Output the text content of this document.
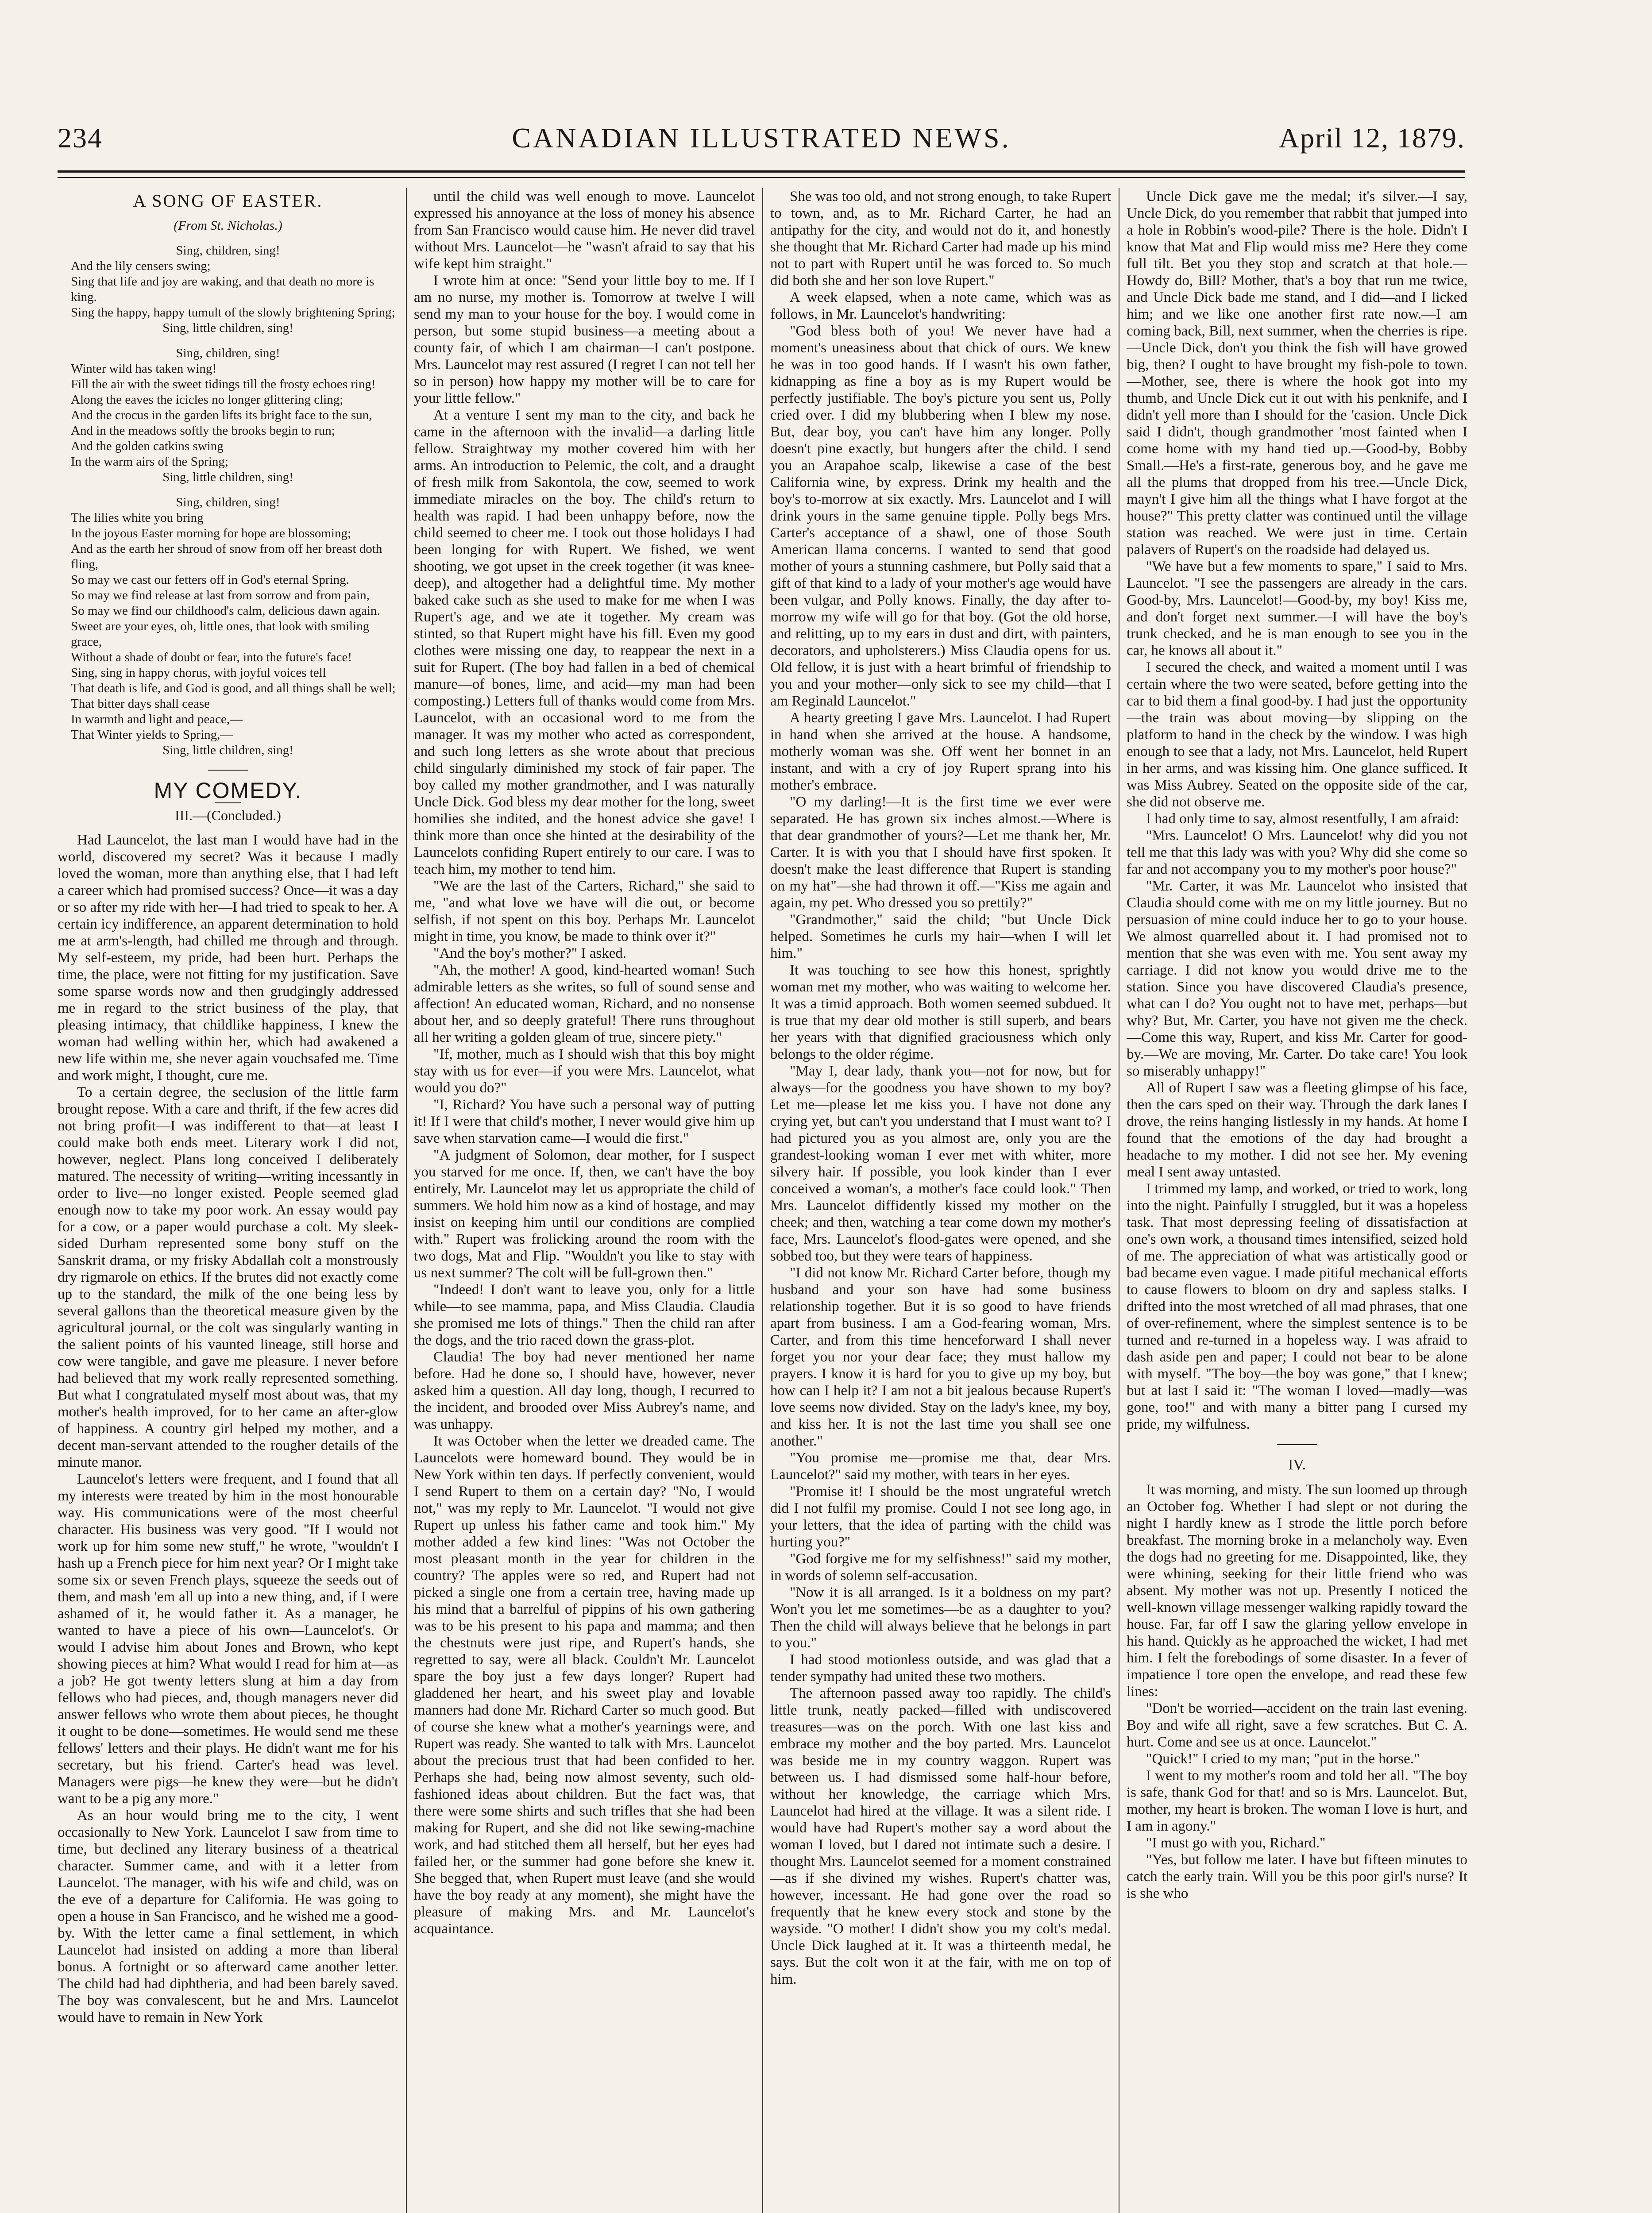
234	CANADIAN ILLUSTRATED NEWS.	April 12, 1879.
A SONG OF EASTER.
(From St. Nicholas.)

Sing, children, sing!

And the lily censers swing;

Sing that life and joy are waking, and that death no more is king.

Sing the happy, happy tumult of the slowly brightening Spring;

Sing, little children, sing!

Sing, children, sing!

Winter wild has taken wing!

Fill the air with the sweet tidings till the frosty echoes ring!

Along the eaves the icicles no longer glittering cling;

And the crocus in the garden lifts its bright face to the sun,

And in the meadows softly the brooks begin to run;

And the golden catkins swing

In the warm airs of the Spring;

Sing, little children, sing!

Sing, children, sing!

The lilies white you bring

In the joyous Easter morning for hope are blossoming;

And as the earth her shroud of snow from off her breast doth fling,

So may we cast our fetters off in God's eternal Spring.

So may we find release at last from sorrow and from pain,

So may we find our childhood's calm, delicious dawn again.

Sweet are your eyes, oh, little ones, that look with smiling grace,

Without a shade of doubt or fear, into the future's face!

Sing, sing in happy chorus, with joyful voices tell

That death is life, and God is good, and all things shall be well;

That bitter days shall cease

In warmth and light and peace,—

That Winter yields to Spring,—

Sing, little children, sing!

MY COMEDY.
III.—(Concluded.)

Had Launcelot, the last man I would have had in the world, discovered my secret? Was it because I madly loved the woman, more than anything else, that I had left a career which had promised success? Once—it was a day or so after my ride with her—I had tried to speak to her. A certain icy indifference, an apparent determination to hold me at arm's-length, had chilled me through and through. My self-esteem, my pride, had been hurt. Perhaps the time, the place, were not fitting for my justification. Save some sparse words now and then grudgingly addressed me in regard to the strict business of the play, that pleasing intimacy, that childlike happiness, I knew the woman had welling within her, which had awakened a new life within me, she never again vouchsafed me. Time and work might, I thought, cure me.

To a certain degree, the seclusion of the little farm brought repose. With a care and thrift, if the few acres did not bring profit—I was indifferent to that—at least I could make both ends meet. Literary work I did not, however, neglect. Plans long conceived I deliberately matured. The necessity of writing—writing incessantly in order to live—no longer existed. People seemed glad enough now to take my poor work. An essay would pay for a cow, or a paper would purchase a colt. My sleek-sided Durham represented some bony stuff on the Sanskrit drama, or my frisky Abdallah colt a monstrously dry rigmarole on ethics. If the brutes did not exactly come up to the standard, the milk of the one being less by several gallons than the theoretical measure given by the agricultural journal, or the colt was singularly wanting in the salient points of his vaunted lineage, still horse and cow were tangible, and gave me pleasure. I never before had believed that my work really represented something. But what I congratulated myself most about was, that my mother's health improved, for to her came an after-glow of happiness. A country girl helped my mother, and a decent man-servant attended to the rougher details of the minute manor.

Launcelot's letters were frequent, and I found that all my interests were treated by him in the most honourable way. His communications were of the most cheerful character. His business was very good. "If I would not work up for him some new stuff," he wrote, "wouldn't I hash up a French piece for him next year? Or I might take some six or seven French plays, squeeze the seeds out of them, and mash 'em all up into a new thing, and, if I were ashamed of it, he would father it. As a manager, he wanted to have a piece of his own—Launcelot's. Or would I advise him about Jones and Brown, who kept showing pieces at him? What would I read for him at—as a job? He got twenty letters slung at him a day from fellows who had pieces, and, though managers never did answer fellows who wrote them about pieces, he thought it ought to be done—sometimes. He would send me these fellows' letters and their plays. He didn't want me for his secretary, but his friend. Carter's head was level. Managers were pigs—he knew they were—but he didn't want to be a pig any more."

As an hour would bring me to the city, I went occasionally to New York. Launcelot I saw from time to time, but declined any literary business of a theatrical character. Summer came, and with it a letter from Launcelot. The manager, with his wife and child, was on the eve of a departure for California. He was going to open a house in San Francisco, and he wished me a good-by. With the letter came a final settlement, in which Launcelot had insisted on adding a more than liberal bonus. A fortnight or so afterward came another letter. The child had had diphtheria, and had been barely saved. The boy was convalescent, but he and Mrs. Launcelot would have to remain in New York

until the child was well enough to move. Launcelot expressed his annoyance at the loss of money his absence from San Francisco would cause him. He never did travel without Mrs. Launcelot—he "wasn't afraid to say that his wife kept him straight."

I wrote him at once: "Send your little boy to me. If I am no nurse, my mother is. Tomorrow at twelve I will send my man to your house for the boy. I would come in person, but some stupid business—a meeting about a county fair, of which I am chairman—I can't postpone. Mrs. Launcelot may rest assured (I regret I can not tell her so in person) how happy my mother will be to care for your little fellow."

At a venture I sent my man to the city, and back he came in the afternoon with the invalid—a darling little fellow. Straightway my mother covered him with her arms. An introduction to Pelemic, the colt, and a draught of fresh milk from Sakontola, the cow, seemed to work immediate miracles on the boy. The child's return to health was rapid. I had been unhappy before, now the child seemed to cheer me. I took out those holidays I had been longing for with Rupert. We fished, we went shooting, we got upset in the creek together (it was knee-deep), and altogether had a delightful time. My mother baked cake such as she used to make for me when I was Rupert's age, and we ate it together. My cream was stinted, so that Rupert might have his fill. Even my good clothes were missing one day, to reappear the next in a suit for Rupert. (The boy had fallen in a bed of chemical manure—of bones, lime, and acid—my man had been composting.) Letters full of thanks would come from Mrs. Launcelot, with an occasional word to me from the manager. It was my mother who acted as correspondent, and such long letters as she wrote about that precious child singularly diminished my stock of fair paper. The boy called my mother grandmother, and I was naturally Uncle Dick. God bless my dear mother for the long, sweet homilies she indited, and the honest advice she gave! I think more than once she hinted at the desirability of the Launcelots confiding Rupert entirely to our care. I was to teach him, my mother to tend him.

"We are the last of the Carters, Richard," she said to me, "and what love we have will die out, or become selfish, if not spent on this boy. Perhaps Mr. Launcelot might in time, you know, be made to think over it?"

"And the boy's mother?" I asked.

"Ah, the mother! A good, kind-hearted woman! Such admirable letters as she writes, so full of sound sense and affection! An educated woman, Richard, and no nonsense about her, and so deeply grateful! There runs throughout all her writing a golden gleam of true, sincere piety."

"If, mother, much as I should wish that this boy might stay with us for ever—if you were Mrs. Launcelot, what would you do?"

"I, Richard? You have such a personal way of putting it! If I were that child's mother, I never would give him up save when starvation came—I would die first."

"A judgment of Solomon, dear mother, for I suspect you starved for me once. If, then, we can't have the boy entirely, Mr. Launcelot may let us appropriate the child of summers. We hold him now as a kind of hostage, and may insist on keeping him until our conditions are complied with." Rupert was frolicking around the room with the two dogs, Mat and Flip. "Wouldn't you like to stay with us next summer? The colt will be full-grown then."

"Indeed! I don't want to leave you, only for a little while—to see mamma, papa, and Miss Claudia. Claudia she promised me lots of things." Then the child ran after the dogs, and the trio raced down the grass-plot.

Claudia! The boy had never mentioned her name before. Had he done so, I should have, however, never asked him a question. All day long, though, I recurred to the incident, and brooded over Miss Aubrey's name, and was unhappy.

It was October when the letter we dreaded came. The Launcelots were homeward bound. They would be in New York within ten days. If perfectly convenient, would I send Rupert to them on a certain day? "No, I would not," was my reply to Mr. Launcelot. "I would not give Rupert up unless his father came and took him." My mother added a few kind lines: "Was not October the most pleasant month in the year for children in the country? The apples were so red, and Rupert had not picked a single one from a certain tree, having made up his mind that a barrelful of pippins of his own gathering was to be his present to his papa and mamma; and then the chestnuts were just ripe, and Rupert's hands, she regretted to say, were all black. Couldn't Mr. Launcelot spare the boy just a few days longer? Rupert had gladdened her heart, and his sweet play and lovable manners had done Mr. Richard Carter so much good. But of course she knew what a mother's yearnings were, and Rupert was ready. She wanted to talk with Mrs. Launcelot about the precious trust that had been confided to her. Perhaps she had, being now almost seventy, such old-fashioned ideas about children. But the fact was, that there were some shirts and such trifles that she had been making for Rupert, and she did not like sewing-machine work, and had stitched them all herself, but her eyes had failed her, or the summer had gone before she knew it. She begged that, when Rupert must leave (and she would have the boy ready at any moment), she might have the pleasure of making Mrs. and Mr. Launcelot's acquaintance.

She was too old, and not strong enough, to take Rupert to town, and, as to Mr. Richard Carter, he had an antipathy for the city, and would not do it, and honestly she thought that Mr. Richard Carter had made up his mind not to part with Rupert until he was forced to. So much did both she and her son love Rupert."

A week elapsed, when a note came, which was as follows, in Mr. Launcelot's handwriting:

"God bless both of you! We never have had a moment's uneasiness about that chick of ours. We knew he was in too good hands. If I wasn't his own father, kidnapping as fine a boy as is my Rupert would be perfectly justifiable. The boy's picture you sent us, Polly cried over. I did my blubbering when I blew my nose. But, dear boy, you can't have him any longer. Polly doesn't pine exactly, but hungers after the child. I send you an Arapahoe scalp, likewise a case of the best California wine, by express. Drink my health and the boy's to-morrow at six exactly. Mrs. Launcelot and I will drink yours in the same genuine tipple. Polly begs Mrs. Carter's acceptance of a shawl, one of those South American llama concerns. I wanted to send that good mother of yours a stunning cashmere, but Polly said that a gift of that kind to a lady of your mother's age would have been vulgar, and Polly knows. Finally, the day after to-morrow my wife will go for that boy. (Got the old horse, and relitting, up to my ears in dust and dirt, with painters, decorators, and upholsterers.) Miss Claudia opens for us. Old fellow, it is just with a heart brimful of friendship to you and your mother—only sick to see my child—that I am Reginald Launcelot."

A hearty greeting I gave Mrs. Launcelot. I had Rupert in hand when she arrived at the house. A handsome, motherly woman was she. Off went her bonnet in an instant, and with a cry of joy Rupert sprang into his mother's embrace.

"O my darling!—It is the first time we ever were separated. He has grown six inches almost.—Where is that dear grandmother of yours?—Let me thank her, Mr. Carter. It is with you that I should have first spoken. It doesn't make the least difference that Rupert is standing on my hat"—she had thrown it off.—"Kiss me again and again, my pet. Who dressed you so prettily?"

"Grandmother," said the child; "but Uncle Dick helped. Sometimes he curls my hair—when I will let him."

It was touching to see how this honest, sprightly woman met my mother, who was waiting to welcome her. It was a timid approach. Both women seemed subdued. It is true that my dear old mother is still superb, and bears her years with that dignified graciousness which only belongs to the older régime.

"May I, dear lady, thank you—not for now, but for always—for the goodness you have shown to my boy? Let me—please let me kiss you. I have not done any crying yet, but can't you understand that I must want to? I had pictured you as you almost are, only you are the grandest-looking woman I ever met with whiter, more silvery hair. If possible, you look kinder than I ever conceived a woman's, a mother's face could look." Then Mrs. Launcelot diffidently kissed my mother on the cheek; and then, watching a tear come down my mother's face, Mrs. Launcelot's flood-gates were opened, and she sobbed too, but they were tears of happiness.

"I did not know Mr. Richard Carter before, though my husband and your son have had some business relationship together. But it is so good to have friends apart from business. I am a God-fearing woman, Mrs. Carter, and from this time henceforward I shall never forget you nor your dear face; they must hallow my prayers. I know it is hard for you to give up my boy, but how can I help it? I am not a bit jealous because Rupert's love seems now divided. Stay on the lady's knee, my boy, and kiss her. It is not the last time you shall see one another."

"You promise me—promise me that, dear Mrs. Launcelot?" said my mother, with tears in her eyes.

"Promise it! I should be the most ungrateful wretch did I not fulfil my promise. Could I not see long ago, in your letters, that the idea of parting with the child was hurting you?"

"God forgive me for my selfishness!" said my mother, in words of solemn self-accusation.

"Now it is all arranged. Is it a boldness on my part? Won't you let me sometimes—be as a daughter to you? Then the child will always believe that he belongs in part to you."

I had stood motionless outside, and was glad that a tender sympathy had united these two mothers.

The afternoon passed away too rapidly. The child's little trunk, neatly packed—filled with undiscovered treasures—was on the porch. With one last kiss and embrace my mother and the boy parted. Mrs. Launcelot was beside me in my country waggon. Rupert was between us. I had dismissed some half-hour before, without her knowledge, the carriage which Mrs. Launcelot had hired at the village. It was a silent ride. I would have had Rupert's mother say a word about the woman I loved, but I dared not intimate such a desire. I thought Mrs. Launcelot seemed for a moment constrained—as if she divined my wishes. Rupert's chatter was, however, incessant. He had gone over the road so frequently that he knew every stock and stone by the wayside. "O mother! I didn't show you my colt's medal. Uncle Dick laughed at it. It was a thirteenth medal, he says. But the colt won it at the fair, with me on top of him.

Uncle Dick gave me the medal; it's silver.—I say, Uncle Dick, do you remember that rabbit that jumped into a hole in Robbin's wood-pile? There is the hole. Didn't I know that Mat and Flip would miss me? Here they come full tilt. Bet you they stop and scratch at that hole.—Howdy do, Bill? Mother, that's a boy that run me twice, and Uncle Dick bade me stand, and I did—and I licked him; and we like one another first rate now.—I am coming back, Bill, next summer, when the cherries is ripe.—Uncle Dick, don't you think the fish will have growed big, then? I ought to have brought my fish-pole to town.—Mother, see, there is where the hook got into my thumb, and Uncle Dick cut it out with his penknife, and I didn't yell more than I should for the 'casion. Uncle Dick said I didn't, though grandmother 'most fainted when I come home with my hand tied up.—Good-by, Bobby Small.—He's a first-rate, generous boy, and he gave me all the plums that dropped from his tree.—Uncle Dick, mayn't I give him all the things what I have forgot at the house?" This pretty clatter was continued until the village station was reached. We were just in time. Certain palavers of Rupert's on the roadside had delayed us.

"We have but a few moments to spare," I said to Mrs. Launcelot. "I see the passengers are already in the cars. Good-by, Mrs. Launcelot!—Good-by, my boy! Kiss me, and don't forget next summer.—I will have the boy's trunk checked, and he is man enough to see you in the car, he knows all about it."

I secured the check, and waited a moment until I was certain where the two were seated, before getting into the car to bid them a final good-by. I had just the opportunity—the train was about moving—by slipping on the platform to hand in the check by the window. I was high enough to see that a lady, not Mrs. Launcelot, held Rupert in her arms, and was kissing him. One glance sufficed. It was Miss Aubrey. Seated on the opposite side of the car, she did not observe me.

I had only time to say, almost resentfully, I am afraid:

"Mrs. Launcelot! O Mrs. Launcelot! why did you not tell me that this lady was with you? Why did she come so far and not accompany you to my mother's poor house?"

"Mr. Carter, it was Mr. Launcelot who insisted that Claudia should come with me on my little journey. But no persuasion of mine could induce her to go to your house. We almost quarrelled about it. I had promised not to mention that she was even with me. You sent away my carriage. I did not know you would drive me to the station. Since you have discovered Claudia's presence, what can I do? You ought not to have met, perhaps—but why? But, Mr. Carter, you have not given me the check.—Come this way, Rupert, and kiss Mr. Carter for good-by.—We are moving, Mr. Carter. Do take care! You look so miserably unhappy!"

All of Rupert I saw was a fleeting glimpse of his face, then the cars sped on their way. Through the dark lanes I drove, the reins hanging listlessly in my hands. At home I found that the emotions of the day had brought a headache to my mother. I did not see her. My evening meal I sent away untasted.

I trimmed my lamp, and worked, or tried to work, long into the night. Painfully I struggled, but it was a hopeless task. That most depressing feeling of dissatisfaction at one's own work, a thousand times intensified, seized hold of me. The appreciation of what was artistically good or bad became even vague. I made pitiful mechanical efforts to cause flowers to bloom on dry and sapless stalks. I drifted into the most wretched of all mad phrases, that one of over-refinement, where the simplest sentence is to be turned and re-turned in a hopeless way. I was afraid to dash aside pen and paper; I could not bear to be alone with myself. "The boy—the boy was gone," that I knew; but at last I said it: "The woman I loved—madly—was gone, too!" and with many a bitter pang I cursed my pride, my wilfulness.

IV.

It was morning, and misty. The sun loomed up through an October fog. Whether I had slept or not during the night I hardly knew as I strode the little porch before breakfast. The morning broke in a melancholy way. Even the dogs had no greeting for me. Disappointed, like, they were whining, seeking for their little friend who was absent. My mother was not up. Presently I noticed the well-known village messenger walking rapidly toward the house. Far, far off I saw the glaring yellow envelope in his hand. Quickly as he approached the wicket, I had met him. I felt the forebodings of some disaster. In a fever of impatience I tore open the envelope, and read these few lines:

"Don't be worried—accident on the train last evening. Boy and wife all right, save a few scratches. But C. A. hurt. Come and see us at once. Launcelot."

"Quick!" I cried to my man; "put in the horse."

I went to my mother's room and told her all. "The boy is safe, thank God for that! and so is Mrs. Launcelot. But, mother, my heart is broken. The woman I love is hurt, and I am in agony."

"I must go with you, Richard."

"Yes, but follow me later. I have but fifteen minutes to catch the early train. Will you be this poor girl's nurse? It is she who
